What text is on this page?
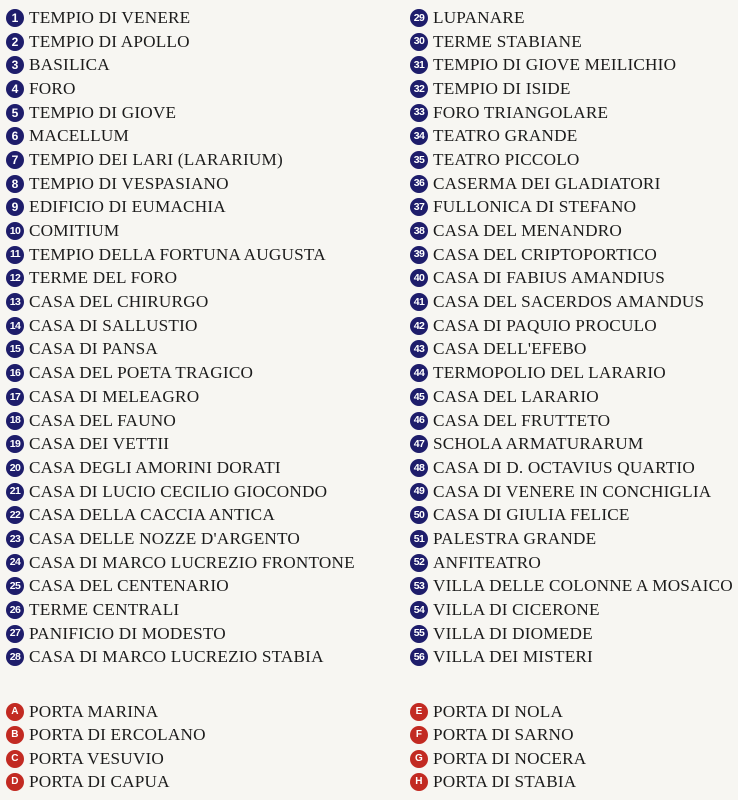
1 TEMPIO DI VENERE
2 TEMPIO DI APOLLO
3 BASILICA
4 FORO
5 TEMPIO DI GIOVE
6 MACELLUM
7 TEMPIO DEI LARI (LARARIUM)
8 TEMPIO DI VESPASIANO
9 EDIFICIO DI EUMACHIA
10 COMITIUM
11 TEMPIO DELLA FORTUNA AUGUSTA
12 TERME DEL FORO
13 CASA DEL CHIRURGO
14 CASA DI SALLUSTIO
15 CASA DI PANSA
16 CASA DEL POETA TRAGICO
17 CASA DI MELEAGRO
18 CASA DEL FAUNO
19 CASA DEI VETTII
20 CASA DEGLI AMORINI DORATI
21 CASA DI LUCIO CECILIO GIOCONDO
22 CASA DELLA CACCIA ANTICA
23 CASA DELLE NOZZE D'ARGENTO
24 CASA DI MARCO LUCREZIO FRONTONE
25 CASA DEL CENTENARIO
26 TERME CENTRALI
27 PANIFICIO DI MODESTO
28 CASA DI MARCO LUCREZIO STABIA
29 LUPANARE
30 TERME STABIANE
31 TEMPIO DI GIOVE MEILICHIO
32 TEMPIO DI ISIDE
33 FORO TRIANGOLARE
34 TEATRO GRANDE
35 TEATRO PICCOLO
36 CASERMA DEI GLADIATORI
37 FULLONICA DI STEFANO
38 CASA DEL MENANDRO
39 CASA DEL CRIPTOPORTICO
40 CASA DI FABIUS AMANDIUS
41 CASA DEL SACERDOS AMANDUS
42 CASA DI PAQUIO PROCULO
43 CASA DELL'EFEBO
44 TERMOPOLIO DEL LARARIO
45 CASA DEL LARARIO
46 CASA DEL FRUTTETO
47 SCHOLA ARMATURARUM
48 CASA DI D. OCTAVIUS QUARTIO
49 CASA DI VENERE IN CONCHIGLIA
50 CASA DI GIULIA FELICE
51 PALESTRA GRANDE
52 ANFITEATRO
53 VILLA DELLE COLONNE A MOSAICO
54 VILLA DI CICERONE
55 VILLA DI DIOMEDE
56 VILLA DEI MISTERI
A PORTA MARINA
B PORTA DI ERCOLANO
C PORTA VESUVIO
D PORTA DI CAPUA
E PORTA DI NOLA
F PORTA DI SARNO
G PORTA DI NOCERA
H PORTA DI STABIA
